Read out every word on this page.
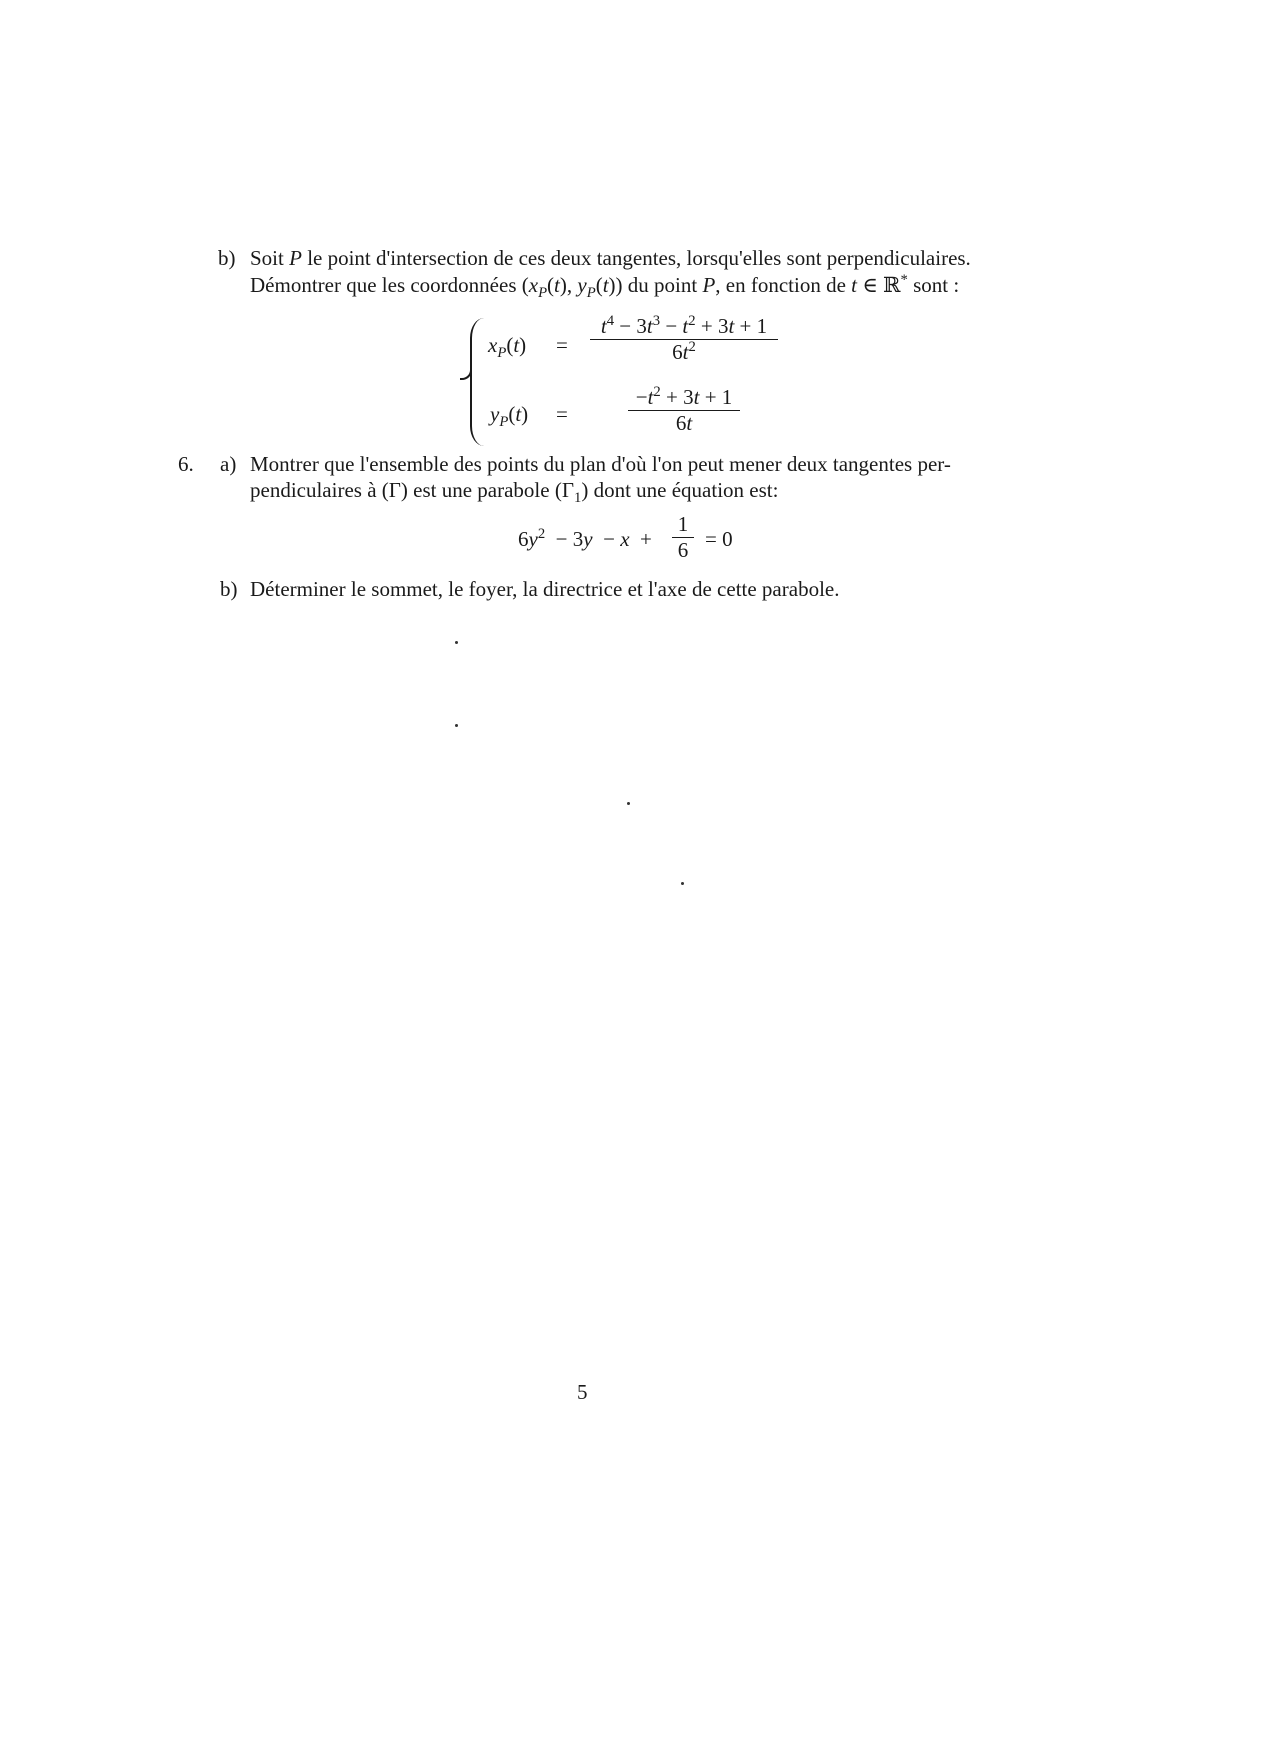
b) Soit P le point d'intersection de ces deux tangentes, lorsqu'elles sont perpendiculaires.
Démontrer que les coordonnées ($x_P(t)$, $y_P(t)$) du point P, en fonction de t ∈ ℝ* sont :
$x_P(t)$ =
$t^4 - 3t^3 - t^2 + 3t + 1$
$6t^2$
$y_P(t)$ =
$-t^2 + 3t + 1$
6t
6. a) Montrer que l'ensemble des points du plan d'où l'on peut mener deux tangentes per-
pendiculaires à (Γ) est une parabole $(\Gamma_1)$ dont une équation est:
$6y^2 - 3y - x$  +
1
6 = 0
b) Déterminer le sommet, le foyer, la directrice et l'axe de cette parabole.
5
